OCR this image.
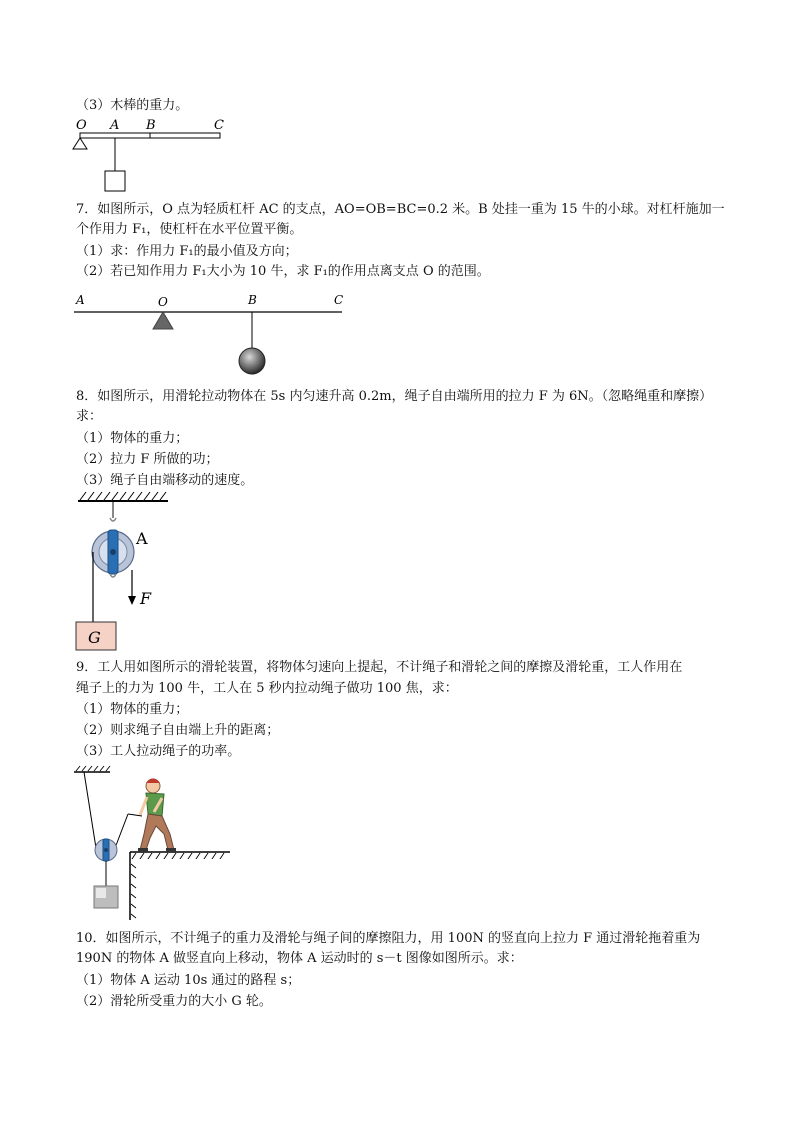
（3）木棒的重力。
O A B	C
7．如图所示，O 点为轻质杠杆 AC 的支点，AO=OB=BC=0.2 米。B 处挂一重为 15 牛的小球。对杠杆施加一
个作用力 F₁，使杠杆在水平位置平衡。
（1）求：作用力 F₁的最小值及方向；
（2）若已知作用力 F₁大小为 10 牛，求 F₁的作用点离支点 O 的范围。
A	O	B	C
8．如图所示，用滑轮拉动物体在 5s 内匀速升高 0.2m，绳子自由端所用的拉力 F 为 6N。（忽略绳重和摩擦）
求：
（1）物体的重力；
（2）拉力 F 所做的功；
（3）绳子自由端移动的速度。
A
F
G
9．工人用如图所示的滑轮装置，将物体匀速向上提起，不计绳子和滑轮之间的摩擦及滑轮重，工人作用在
绳子上的力为 100 牛，工人在 5 秒内拉动绳子做功 100 焦，求：
（1）物体的重力；
（2）则求绳子自由端上升的距离；
（3）工人拉动绳子的功率。
10．如图所示，不计绳子的重力及滑轮与绳子间的摩擦阻力，用 100N 的竖直向上拉力 F 通过滑轮拖着重为
190N 的物体 A 做竖直向上移动，物体 A 运动时的 s－t 图像如图所示。求：
（1）物体 A 运动 10s 通过的路程 s；
（2）滑轮所受重力的大小 G 轮。
